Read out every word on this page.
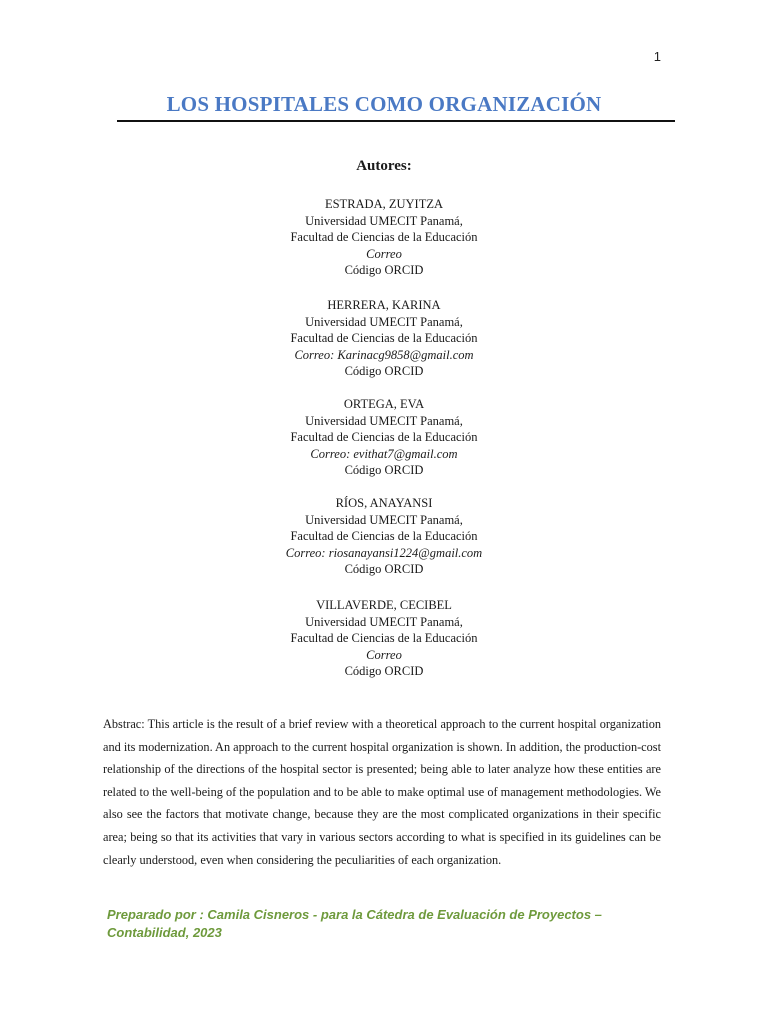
1
LOS HOSPITALES COMO ORGANIZACIÓN
Autores:
ESTRADA, ZUYITZA
Universidad UMECIT Panamá,
Facultad de Ciencias de la Educación
Correo
Código ORCID
HERRERA, KARINA
Universidad UMECIT Panamá,
Facultad de Ciencias de la Educación
Correo: Karinacg9858@gmail.com
Código ORCID
ORTEGA, EVA
Universidad UMECIT Panamá,
Facultad de Ciencias de la Educación
Correo: evithat7@gmail.com
Código ORCID
RÍOS, ANAYANSI
Universidad UMECIT Panamá,
Facultad de Ciencias de la Educación
Correo: riosanayansi1224@gmail.com
Código ORCID
VILLAVERDE, CECIBEL
Universidad UMECIT Panamá,
Facultad de Ciencias de la Educación
Correo
Código ORCID

Abstrac: This article is the result of a brief review with a theoretical approach to the current hospital organization and its modernization. An approach to the current hospital organization is shown. In addition, the production-cost relationship of the directions of the hospital sector is presented; being able to later analyze how these entities are related to the well-being of the population and to be able to make optimal use of management methodologies. We also see the factors that motivate change, because they are the most complicated organizations in their specific area; being so that its activities that vary in various sectors according to what is specified in its guidelines can be clearly understood, even when considering the peculiarities of each organization.

Preparado por : Camila Cisneros - para la Cátedra de Evaluación de Proyectos – Contabilidad, 2023
